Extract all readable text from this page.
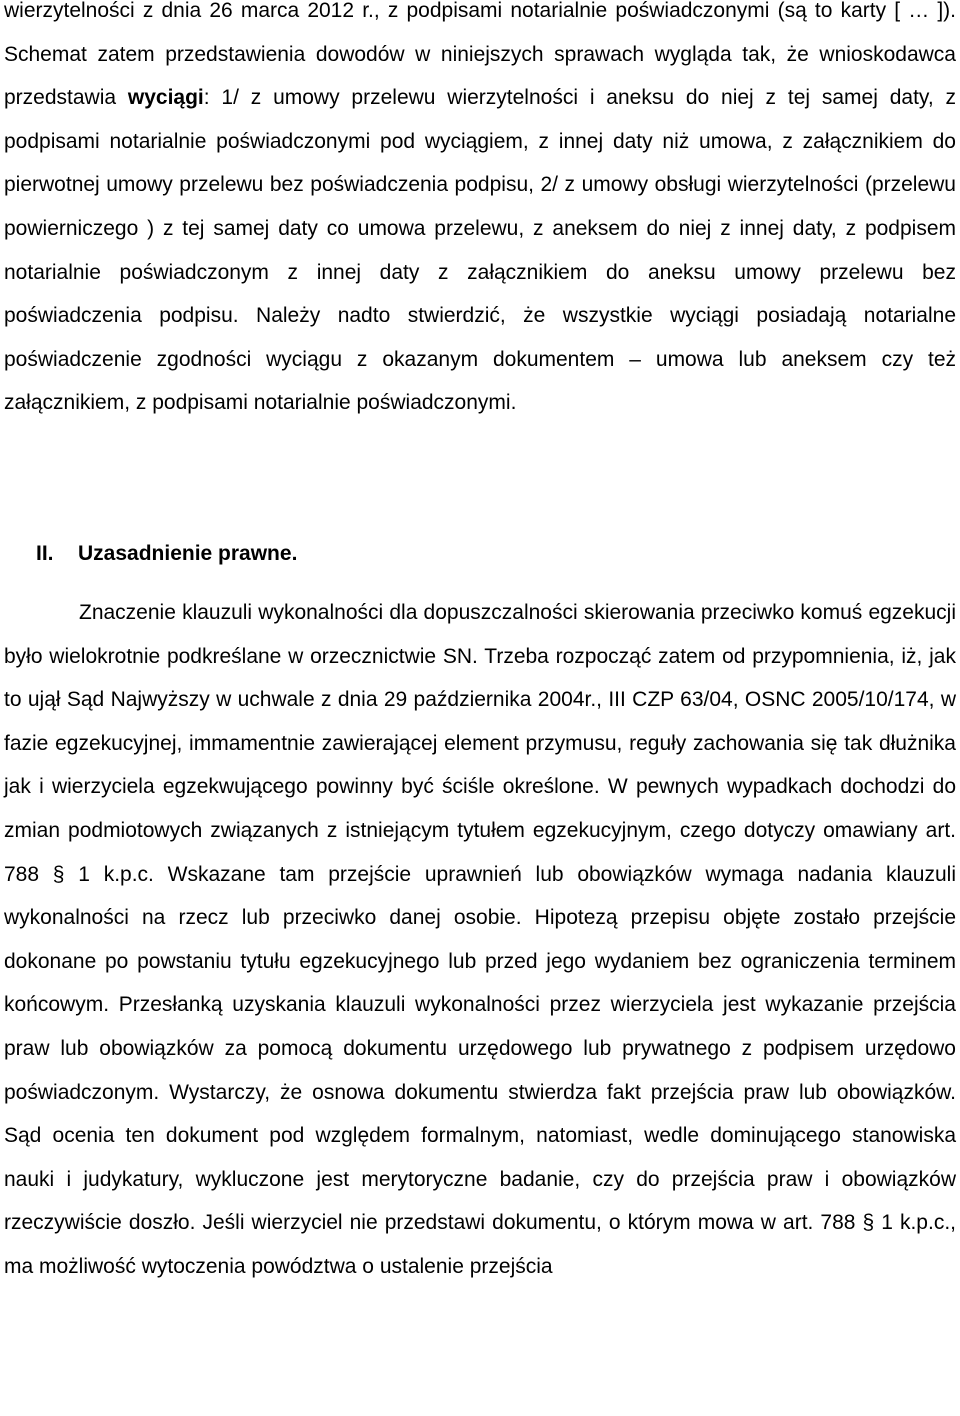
wierzytelności z dnia 26 marca 2012 r., z podpisami notarialnie poświadczonymi (są to karty [ … ]). Schemat zatem przedstawienia dowodów w niniejszych sprawach wygląda tak, że wnioskodawca przedstawia wyciągi: 1/ z umowy przelewu wierzytelności i aneksu do niej z tej samej daty, z podpisami notarialnie poświadczonymi pod wyciągiem, z innej daty niż umowa, z załącznikiem do pierwotnej umowy przelewu bez poświadczenia podpisu, 2/ z umowy obsługi wierzytelności (przelewu powierniczego ) z tej samej daty co umowa przelewu, z aneksem do niej z innej daty, z podpisem notarialnie poświadczonym z innej daty z załącznikiem do aneksu umowy przelewu bez poświadczenia podpisu. Należy nadto stwierdzić, że wszystkie wyciągi posiadają notarialne poświadczenie zgodności wyciągu z okazanym dokumentem – umowa lub aneksem czy też załącznikiem, z podpisami notarialnie poświadczonymi.

II. Uzasadnienie prawne.

Znaczenie klauzuli wykonalności dla dopuszczalności skierowania przeciwko komuś egzekucji było wielokrotnie podkreślane w orzecznictwie SN. Trzeba rozpocząć zatem od przypomnienia, iż, jak to ujął Sąd Najwyższy w uchwale z dnia 29 października 2004r., III CZP 63/04, OSNC 2005/10/174, w fazie egzekucyjnej, immamentnie zawierającej element przymusu, reguły zachowania się tak dłużnika jak i wierzyciela egzekwującego powinny być ściśle określone. W pewnych wypadkach dochodzi do zmian podmiotowych związanych z istniejącym tytułem egzekucyjnym, czego dotyczy omawiany art. 788 § 1 k.p.c. Wskazane tam przejście uprawnień lub obowiązków wymaga nadania klauzuli wykonalności na rzecz lub przeciwko danej osobie. Hipotezą przepisu objęte zostało przejście dokonane po powstaniu tytułu egzekucyjnego lub przed jego wydaniem bez ograniczenia terminem końcowym. Przesłanką uzyskania klauzuli wykonalności przez wierzyciela jest wykazanie przejścia praw lub obowiązków za pomocą dokumentu urzędowego lub prywatnego z podpisem urzędowo poświadczonym. Wystarczy, że osnowa dokumentu stwierdza fakt przejścia praw lub obowiązków. Sąd ocenia ten dokument pod względem formalnym, natomiast, wedle dominującego stanowiska nauki i judykatury, wykluczone jest merytoryczne badanie, czy do przejścia praw i obowiązków rzeczywiście doszło. Jeśli wierzyciel nie przedstawi dokumentu, o którym mowa w art. 788 § 1 k.p.c., ma możliwość wytoczenia powództwa o ustalenie przejścia
